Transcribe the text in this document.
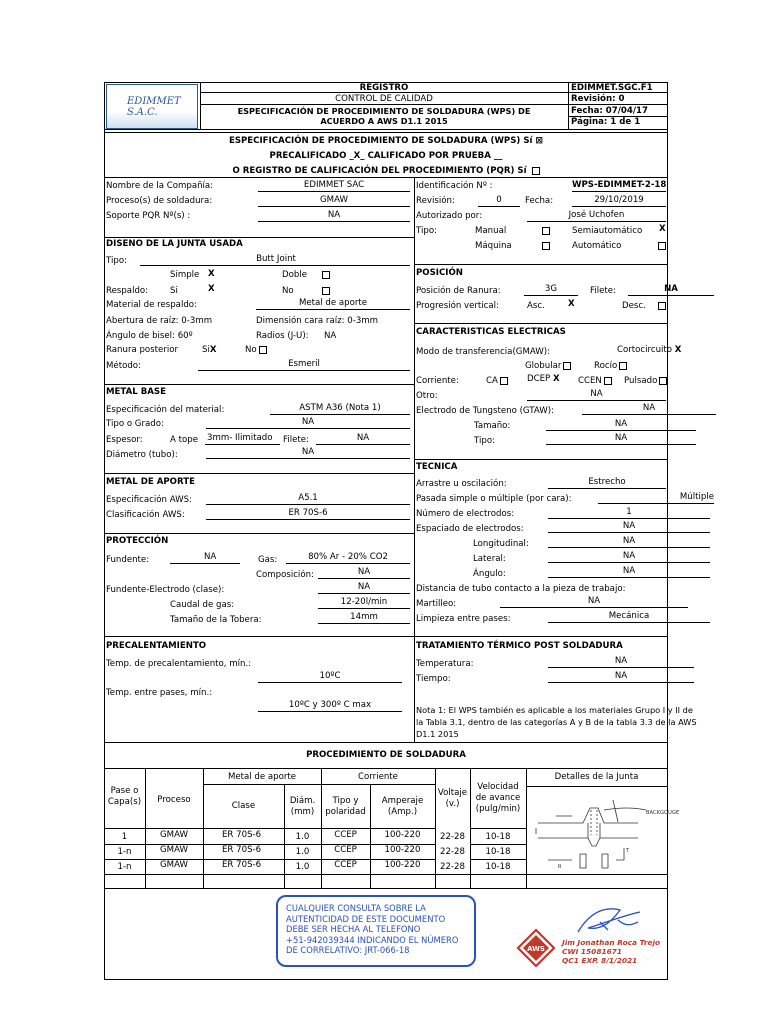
EDIMMET S.A.C.
REGISTRO
CONTROL DE CALIDAD
ESPECIFICACIÓN DE PROCEDIMIENTO DE SOLDADURA (WPS) DE
ACUERDO A AWS D1.1 2015
EDIMMET.SGC.F1
Revisión: 0
Fecha: 07/04/17
Página: 1 de 1
ESPECIFICACIÓN DE PROCEDIMIENTO DE SOLDADURA (WPS) Sí ⊠
PRECALIFICADO _X_ CALIFICADO POR PRUEBA __
O REGISTRO DE CALIFICACIÓN DEL PROCEDIMIENTO (PQR) Sí
Nombre de la Compañía:	EDIMMET SAC
Proceso(s) de soldadura:	GMAW
Soporte PQR Nº(s) :	NA
Identificación Nº :	WPS-EDIMMET-2-18
Revisión:	0	Fecha:	29/10/2019
Autorizado por:	José Uchofen
Tipo:	Manual	Semiautomático X
Máquina	Automático
DISENO DE LA JUNTA USADA
Tipo:	Butt Joint
Simple X	Doble
Respaldo:	Si	X	No
Material de respaldo:	Metal de aporte
Abertura de raíz: 0-3mm	Dimensión cara raíz: 0-3mm
Ángulo de bisel: 60º	Radios (J-U): NA
Ranura posterior	SiX	No
Método:	Esmeril
POSICIÓN
Posición de Ranura:	3G	Filete:	NA
Progresión vertical:	Asc.	X	Desc.
METAL BASE
Especificación del material:	ASTM A36 (Nota 1)
Tipo o Grado:	NA
Espesor:	A tope 3mm- Ilimitado Filete:	NA
Diámetro (tubo):	NA
CARACTERISTICAS ELECTRICAS
Modo de transferencia(GMAW):	Cortocircuito X
Globular	Rocío
Corriente:	CA	DCEP X CCEN	Pulsado
Otro:	NA
Electrodo de Tungsteno (GTAW):	NA
Tamaño:	NA
Tipo:	NA
METAL DE APORTE
Especificación AWS:	A5.1
Clasificación AWS:	ER 70S-6
TECNICA
Arrastre u oscilación:	Estrecho
Pasada simple o múltiple (por cara):	Múltiple
Número de electrodos:	1
Espaciado de electrodos:	NA
Longitudinal:	NA
Lateral:	NA
Ángulo:	NA
Distancia de tubo contacto a la pieza de trabajo:
Martilleo:	NA
Limpieza entre pases:	Mecánica
PROTECCIÓN
Fundente:	NA	Gas:	80% Ar - 20% CO2
Composición:	NA
Fundente-Electrodo (clase):	NA
Caudal de gas:	12-20l/min
Tamaño de la Tobera:	14mm
PRECALENTAMIENTO
Temp. de precalentamiento, mín.:
10ºC
Temp. entre pases, mín.:
10ºC y 300º C max
TRATAMIENTO TÉRMICO POST SOLDADURA
Temperatura:	NA
Tiempo:	NA
Nota 1: El WPS también es aplicable a los materiales Grupo I y II de
la Tabla 3.1, dentro de las categorías A y B de la tabla 3.3 de la AWS
D1.1 2015
PROCEDIMIENTO DE SOLDADURA
Pase o
Capa(s)	Proceso
Metal de aporte
Clase	Diám.
(mm)
Corriente
Tipo y
polaridad
Amperaje
(Amp.)
Voltaje
(v.)
Velocidad
de avance
(pulg/min)
Detalles de la Junta
1	GMAW	ER 70S-6	1.0	CCEP	100-220	22-28	10-18
1-n	GMAW	ER 70S-6	1.0	CCEP	100-220	22-28	10-18
1-n	GMAW	ER 70S-6	1.0	CCEP	100-220	22-28	10-18
BACKGOUGE
T
R
CUALQUIER CONSULTA SOBRE LA
AUTENTICIDAD DE ESTE DOCUMENTO
DEBE SER HECHA AL TELEFONO
+51-942039344 INDICANDO EL NÚMERO
DE CORRELATIVO: JRT-066-18	AWS
Jim Jonathan Roca Trejo
CWI 15081671
QC1 EXP. 8/1/2021
